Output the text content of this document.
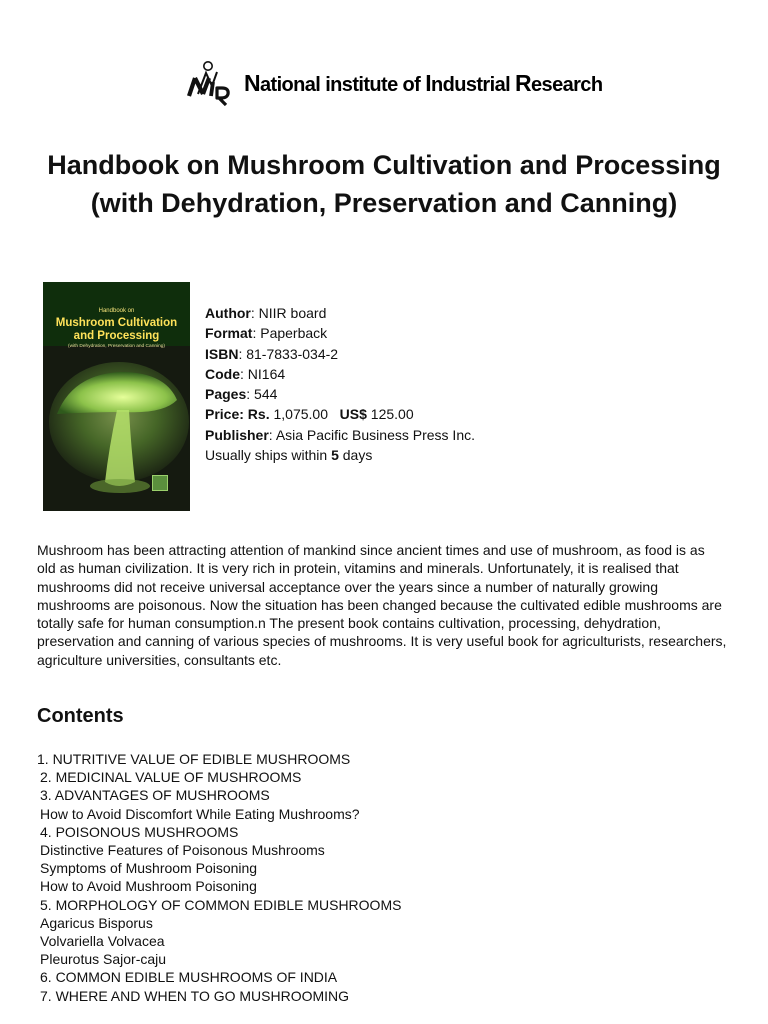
National institute of Industrial Research
Handbook on Mushroom Cultivation and Processing (with Dehydration, Preservation and Canning)
Handbook on
Mushroom Cultivation
and Processing
(with Dehydration, Preservation and Canning)
Author: NIIR board
Format: Paperback
ISBN: 81-7833-034-2
Code: NI164
Pages: 544
Price: Rs. 1,075.00 US$ 125.00
Publisher: Asia Pacific Business Press Inc.
Usually ships within 5 days

Mushroom has been attracting attention of mankind since ancient times and use of mushroom, as food is as old as human civilization. It is very rich in protein, vitamins and minerals. Unfortunately, it is realised that mushrooms did not receive universal acceptance over the years since a number of naturally growing mushrooms are poisonous. Now the situation has been changed because the cultivated edible mushrooms are totally safe for human consumption.n The present book contains cultivation, processing, dehydration, preservation and canning of various species of mushrooms. It is very useful book for agriculturists, researchers, agriculture universities, consultants etc.

Contents
1. NUTRITIVE VALUE OF EDIBLE MUSHROOMS
2. MEDICINAL VALUE OF MUSHROOMS
3. ADVANTAGES OF MUSHROOMS
How to Avoid Discomfort While Eating Mushrooms?
4. POISONOUS MUSHROOMS
Distinctive Features of Poisonous Mushrooms
Symptoms of Mushroom Poisoning
How to Avoid Mushroom Poisoning
5. MORPHOLOGY OF COMMON EDIBLE MUSHROOMS
Agaricus Bisporus
Volvariella Volvacea
Pleurotus Sajor-caju
6. COMMON EDIBLE MUSHROOMS OF INDIA
7. WHERE AND WHEN TO GO MUSHROOMING
